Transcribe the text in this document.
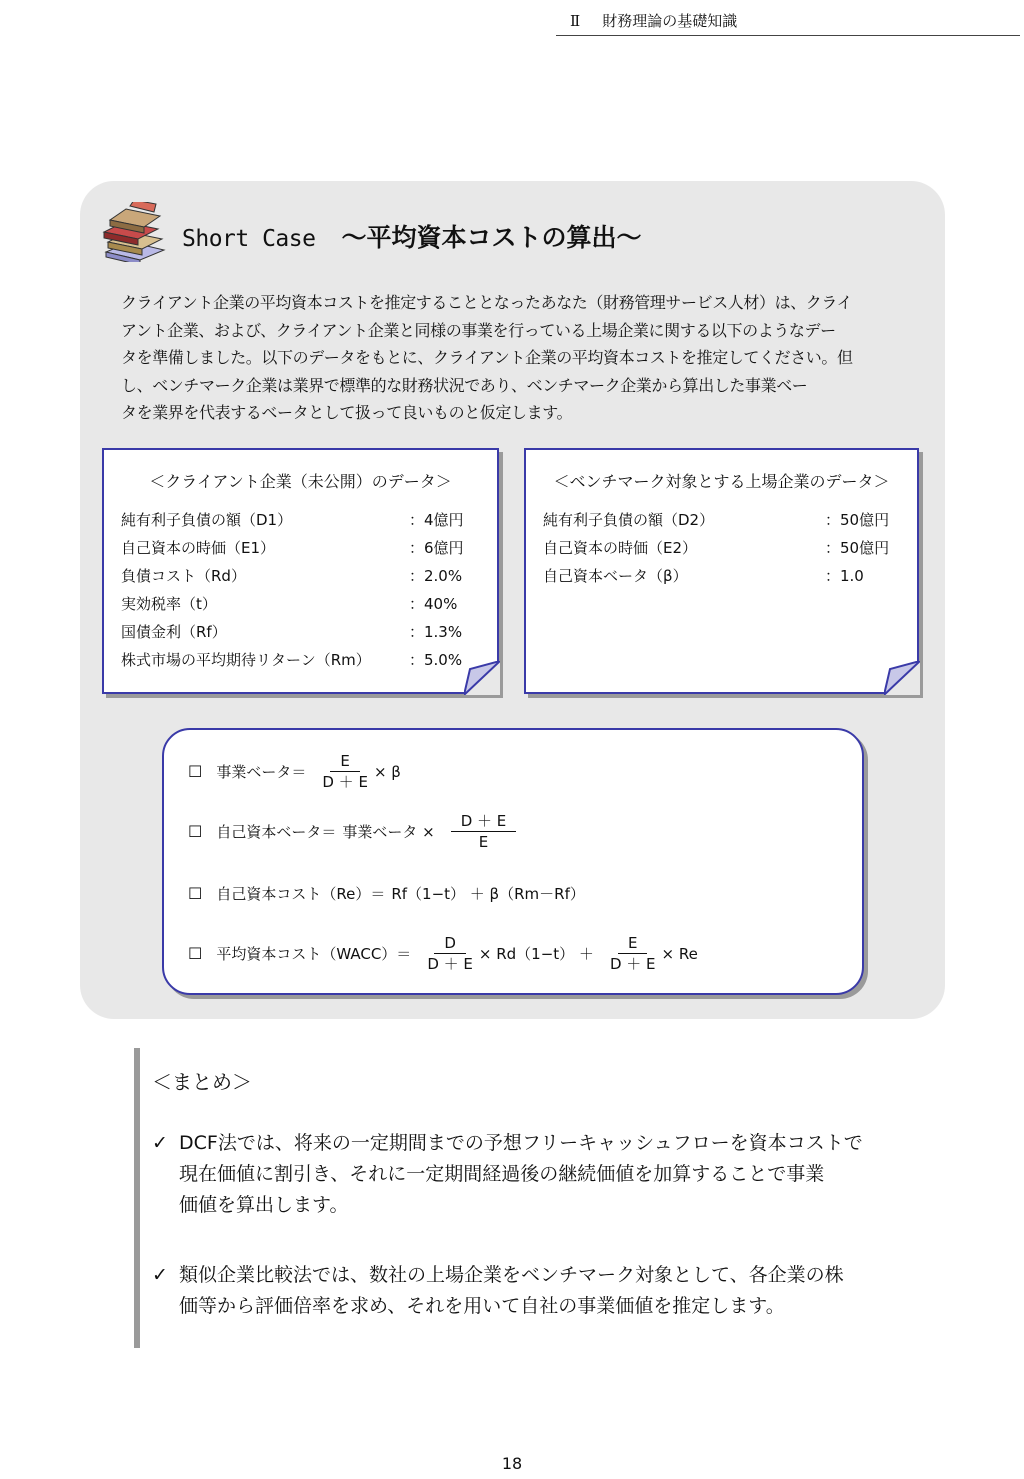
Ⅱ 財務理論の基礎知識
Short Case ～平均資本コストの算出～
クライアント企業の平均資本コストを推定することとなったあなた（財務管理サービス人材）は、クライ
アント企業、および、クライアント企業と同様の事業を行っている上場企業に関する以下のようなデー
タを準備しました。以下のデータをもとに、クライアント企業の平均資本コストを推定してください。但
し、ベンチマーク企業は業界で標準的な財務状況であり、ベンチマーク企業から算出した事業ベー
タを業界を代表するベータとして扱って良いものと仮定します。
＜クライアント企業（未公開）のデータ＞
純有利子負債の額（D1）	：4億円
自己資本の時価（E1）	：6億円
負債コスト（Rd）	：2.0%
実効税率（t）	：40%
国債金利（Rf）	：1.3%
株式市場の平均期待リターン（Rm）	：5.0%
＜ベンチマーク対象とする上場企業のデータ＞
純有利子負債の額（D2）	：50億円
自己資本の時価（E2）	：50億円
自己資本ベータ（β）	：1.0
☐ 事業ベータ＝ $\frac{E}{D + E} \times \beta$
☐ 自己資本ベータ＝ 事業ベータ × $\frac{D + E}{E}$
☐ 自己資本コスト（Re）＝ Rf（1−t） ＋ β（Rm－Rf）
☐ 平均資本コスト（WACC）＝ $\frac{D}{D + E} \times Rd(1-t) + \frac{E}{D + E} \times Re$
＜まとめ＞
✓ DCF法では、将来の一定期間までの予想フリーキャッシュフローを資本コストで
現在価値に割引き、それに一定期間経過後の継続価値を加算することで事業
価値を算出します。
✓ 類似企業比較法では、数社の上場企業をベンチマーク対象として、各企業の株
価等から評価倍率を求め、それを用いて自社の事業価値を推定します。
18
